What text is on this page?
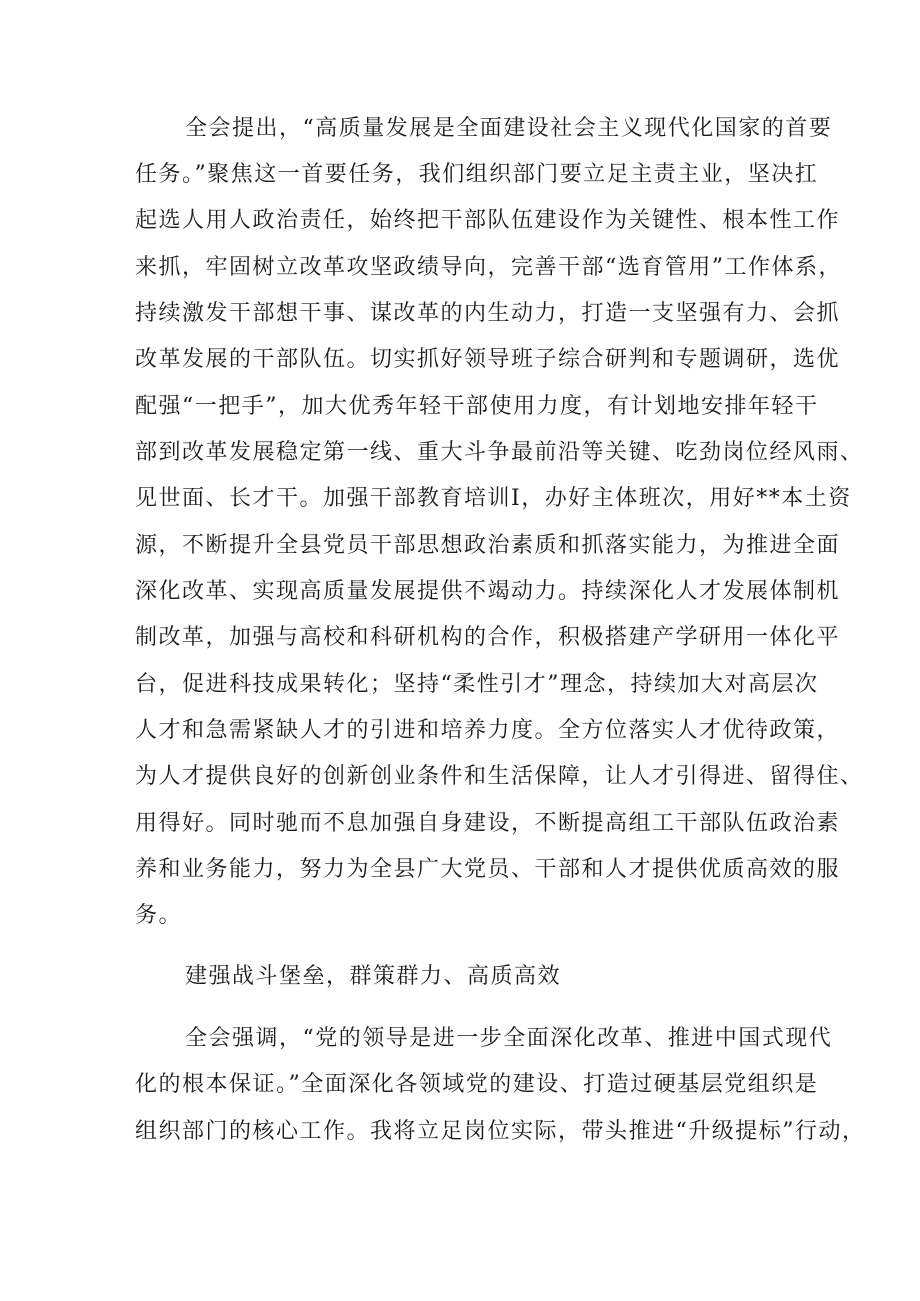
全会提出，“高质量发展是全面建设社会主义现代化国家的首要
任务。”聚焦这一首要任务，我们组织部门要立足主责主业，坚决扛
起选人用人政治责任，始终把干部队伍建设作为关键性、根本性工作
来抓，牢固树立改革攻坚政绩导向，完善干部“选育管用”工作体系，
持续激发干部想干事、谋改革的内生动力，打造一支坚强有力、会抓
改革发展的干部队伍。切实抓好领导班子综合研判和专题调研，选优
配强“一把手”，加大优秀年轻干部使用力度，有计划地安排年轻干
部到改革发展稳定第一线、重大斗争最前沿等关键、吃劲岗位经风雨、
见世面、长才干。加强干部教育培训I，办好主体班次，用好**本土资
源，不断提升全县党员干部思想政治素质和抓落实能力，为推进全面
深化改革、实现高质量发展提供不竭动力。持续深化人才发展体制机
制改革，加强与高校和科研机构的合作，积极搭建产学研用一体化平
台，促进科技成果转化；坚持“柔性引才”理念，持续加大对高层次
人才和急需紧缺人才的引进和培养力度。全方位落实人才优待政策，
为人才提供良好的创新创业条件和生活保障，让人才引得进、留得住、
用得好。同时驰而不息加强自身建设，不断提高组工干部队伍政治素
养和业务能力，努力为全县广大党员、干部和人才提供优质高效的服
务。
建强战斗堡垒，群策群力、高质高效
全会强调，“党的领导是进一步全面深化改革、推进中国式现代
化的根本保证。”全面深化各领域党的建设、打造过硬基层党组织是
组织部门的核心工作。我将立足岗位实际，带头推进“升级提标”行动，
